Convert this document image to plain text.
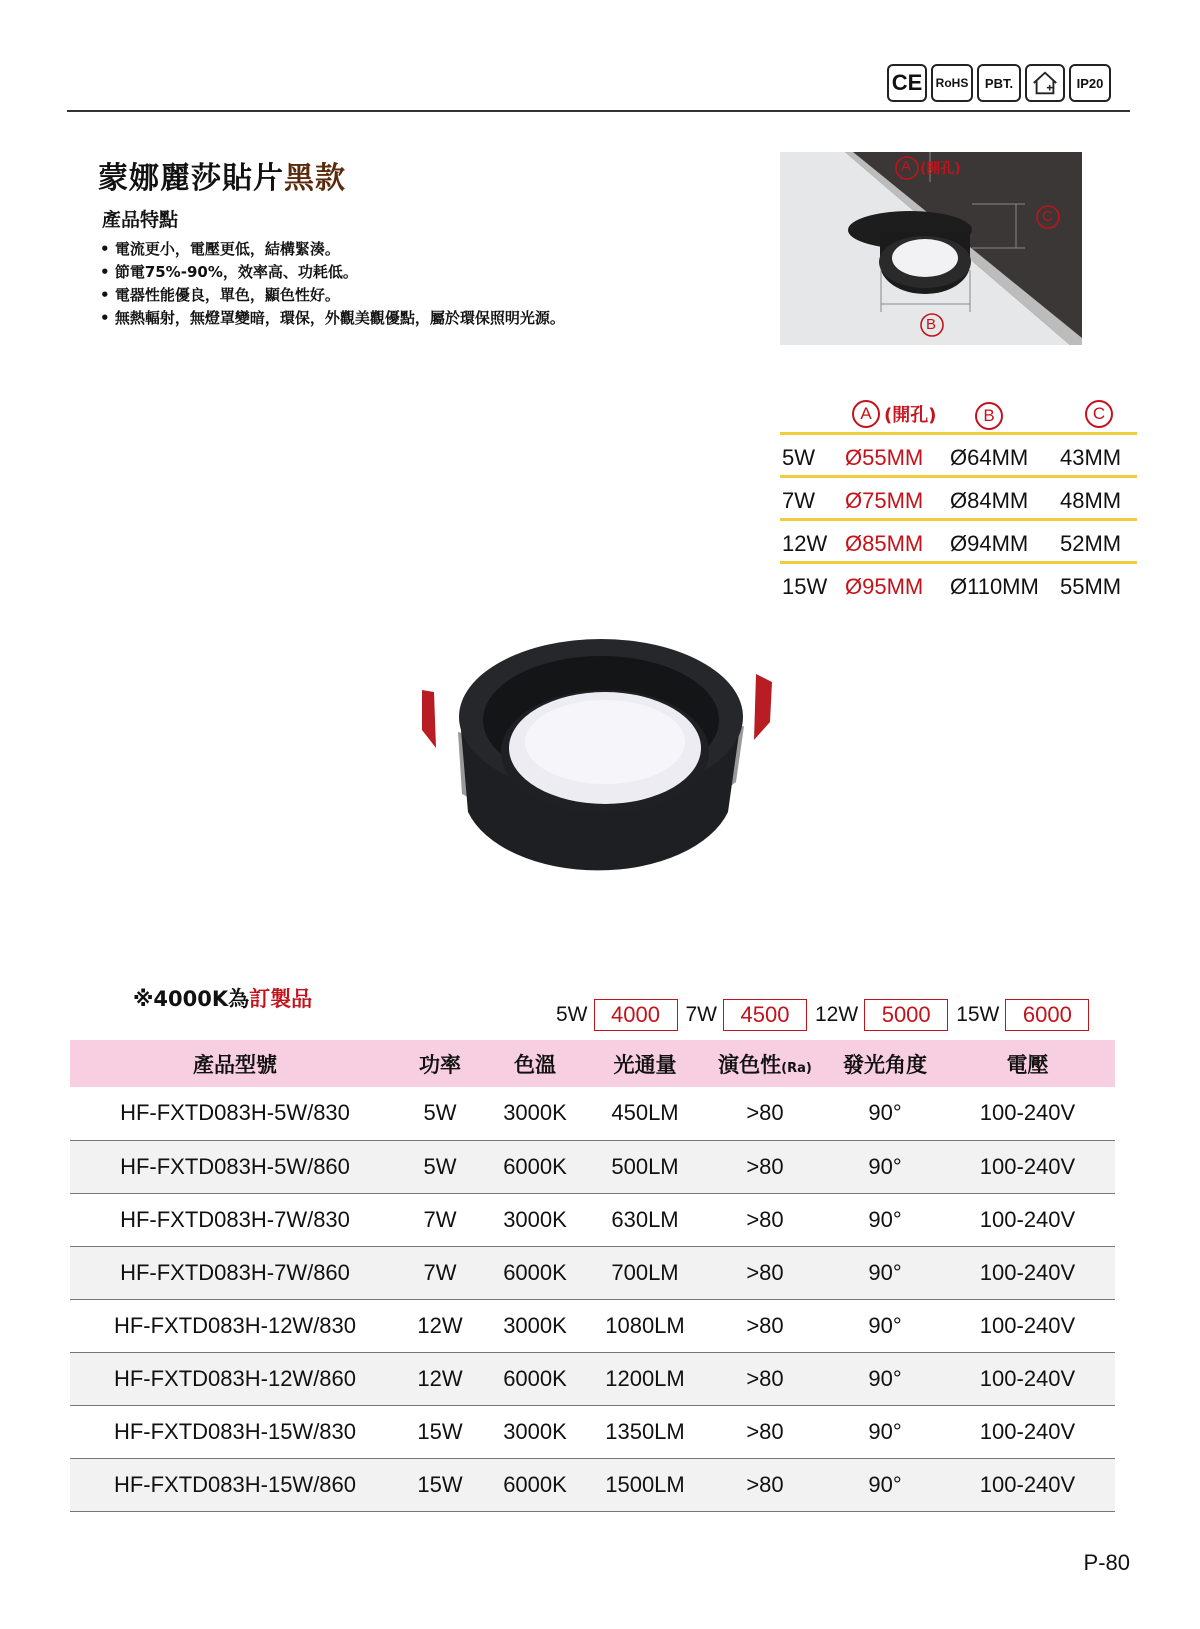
CE	RoHS	PBT.	IP20
蒙娜麗莎貼片黑款
產品特點
• 電流更小，電壓更低，結構緊湊。
• 節電75%-90%，效率高、功耗低。
• 電器性能優良，單色，顯色性好。
• 無熱輻射，無燈罩變暗，環保，外觀美觀優點，屬於環保照明光源。
A (開孔)
C
B
A (開孔)	B	C
5W Ø55MM Ø64MM 43MM
7W Ø75MM Ø84MM 48MM
12W Ø85MM Ø94MM 52MM
15W Ø95MM Ø110MM 55MM
※4000K為訂製品
5W	4000	7W	4500	12W	5000	15W	6000
產品型號	功率	色溫	光通量	演色性(Ra)	發光角度	電壓
HF-FXTD083H-5W/830	5W	3000K	450LM	>80	90°	100-240V
HF-FXTD083H-5W/860	5W	6000K	500LM	>80	90°	100-240V
HF-FXTD083H-7W/830	7W	3000K	630LM	>80	90°	100-240V
HF-FXTD083H-7W/860	7W	6000K	700LM	>80	90°	100-240V
HF-FXTD083H-12W/830	12W	3000K	1080LM	>80	90°	100-240V
HF-FXTD083H-12W/860	12W	6000K	1200LM	>80	90°	100-240V
HF-FXTD083H-15W/830	15W	3000K	1350LM	>80	90°	100-240V
HF-FXTD083H-15W/860	15W	6000K	1500LM	>80	90°	100-240V
P-80
